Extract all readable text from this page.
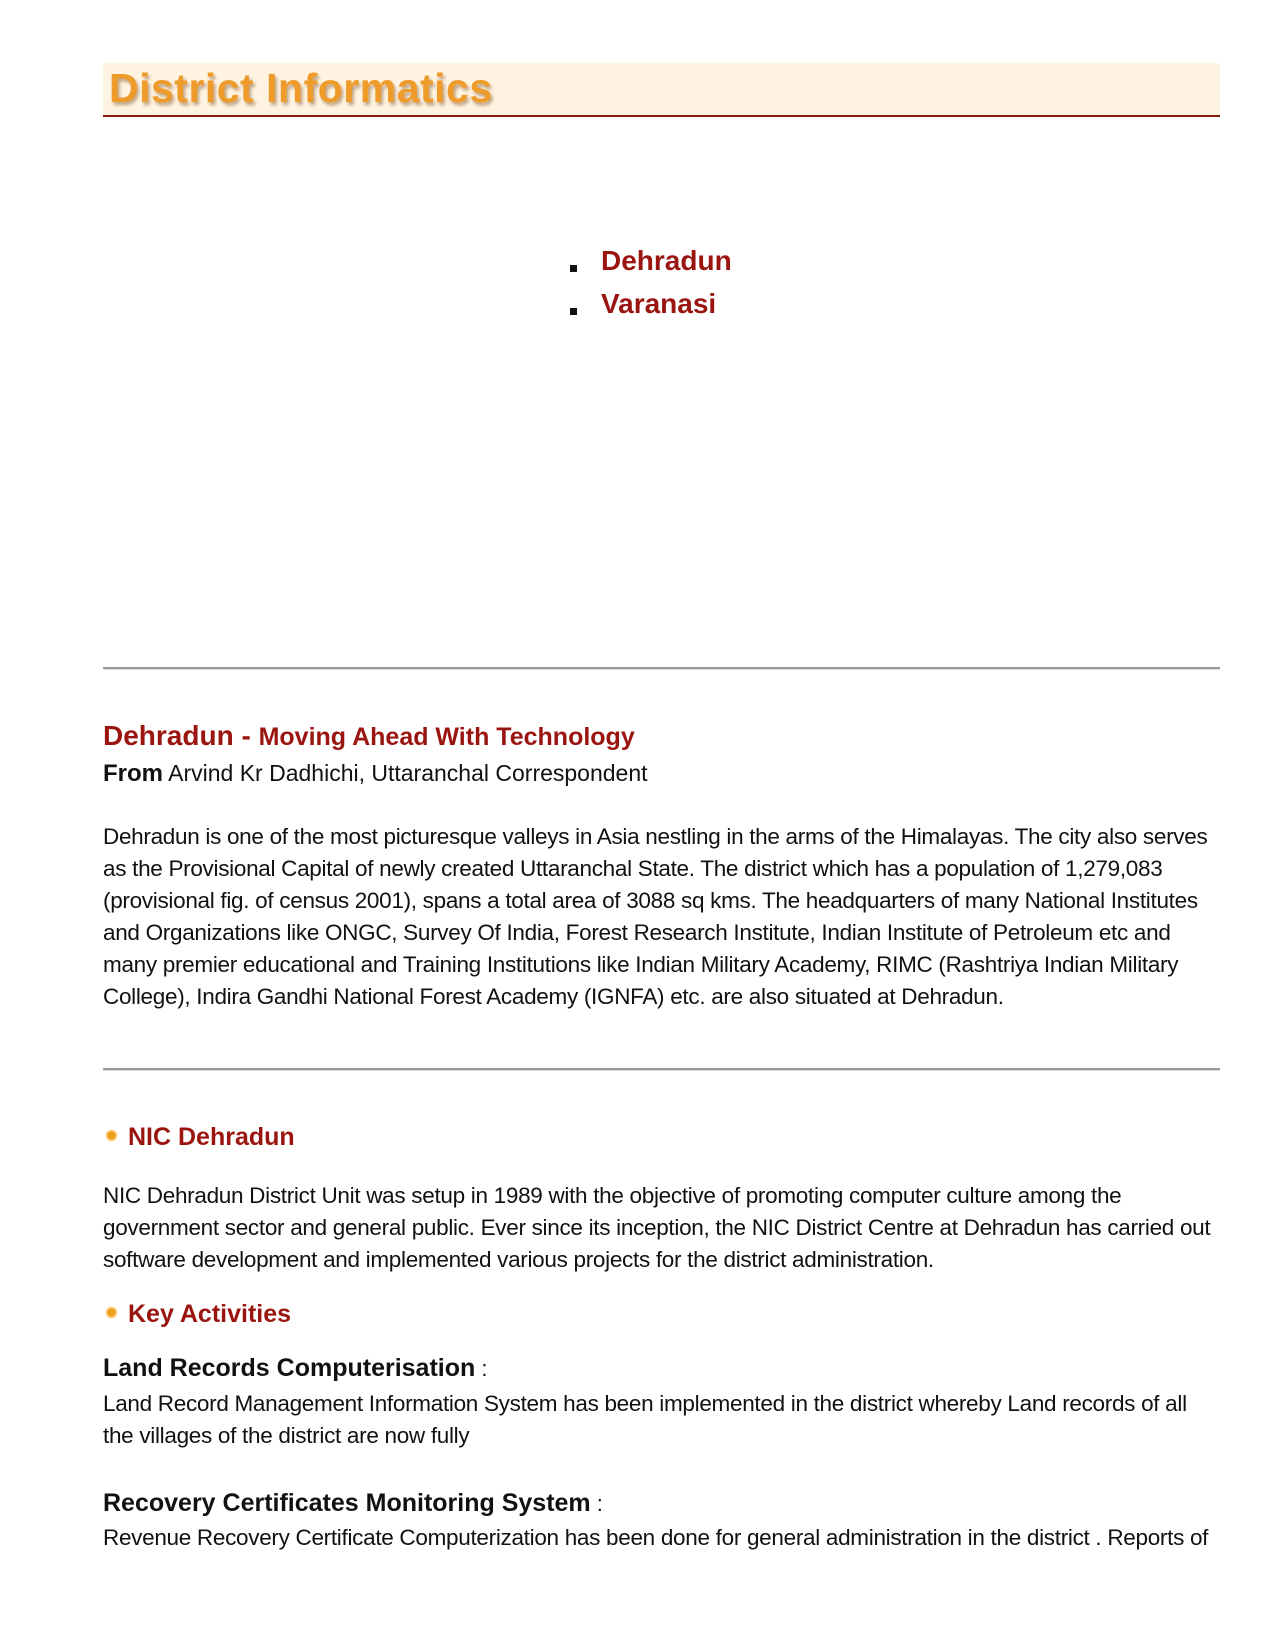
District Informatics
Dehradun
Varanasi
Dehradun - Moving Ahead With Technology
From Arvind Kr Dadhichi, Uttaranchal Correspondent

Dehradun is one of the most picturesque valleys in Asia nestling in the arms of the Himalayas. The city also serves as the Provisional Capital of newly created Uttaranchal State. The district which has a population of 1,279,083 (provisional fig. of census 2001), spans a total area of 3088 sq kms. The headquarters of many National Institutes and Organizations like ONGC, Survey Of India, Forest Research Institute, Indian Institute of Petroleum etc and many premier educational and Training Institutions like Indian Military Academy, RIMC (Rashtriya Indian Military College), Indira Gandhi National Forest Academy (IGNFA) etc. are also situated at Dehradun.

NIC Dehradun

NIC Dehradun District Unit was setup in 1989 with the objective of promoting computer culture among the government sector and general public. Ever since its inception, the NIC District Centre at Dehradun has carried out software development and implemented various projects for the district administration.

Key Activities
Land Records Computerisation :

Land Record Management Information System has been implemented in the district whereby Land records of all the villages of the district are now fully

Recovery Certificates Monitoring System :

Revenue Recovery Certificate Computerization has been done for general administration in the district . Reports of
